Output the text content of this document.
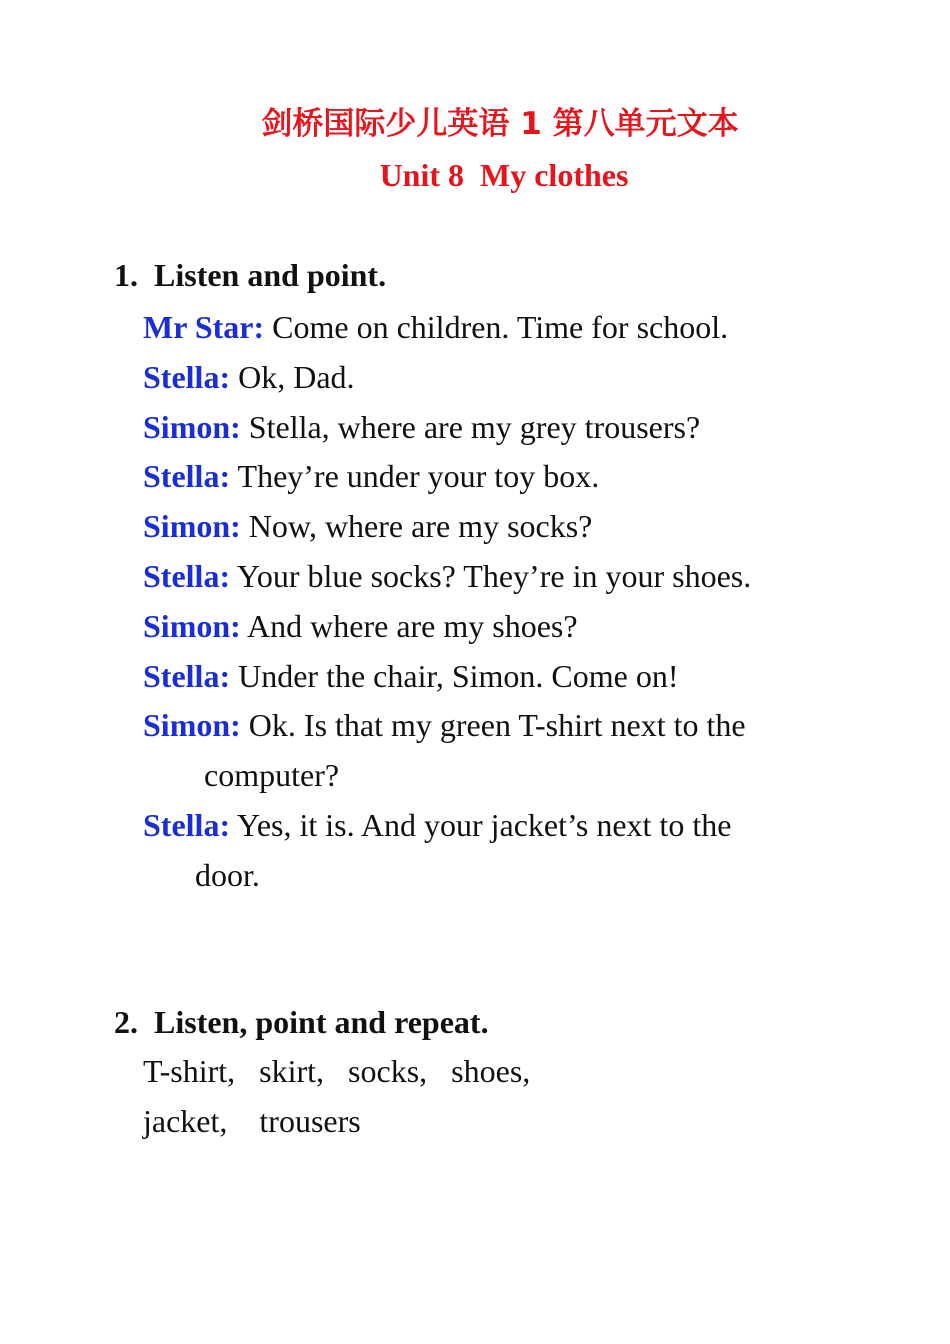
剑桥国际少儿英语 1 第八单元文本
Unit 8  My clothes
1.  Listen and point.
Mr Star: Come on children. Time for school.
Stella: Ok, Dad.
Simon: Stella, where are my grey trousers?
Stella: They’re under your toy box.
Simon: Now, where are my socks?
Stella: Your blue socks? They’re in your shoes.
Simon: And where are my shoes?
Stella: Under the chair, Simon. Come on!
Simon: Ok. Is that my green T-shirt next to the
computer?
Stella: Yes, it is. And your jacket’s next to the
door.
2.  Listen, point and repeat.
T-shirt,   skirt,   socks,   shoes,
jacket,    trousers
